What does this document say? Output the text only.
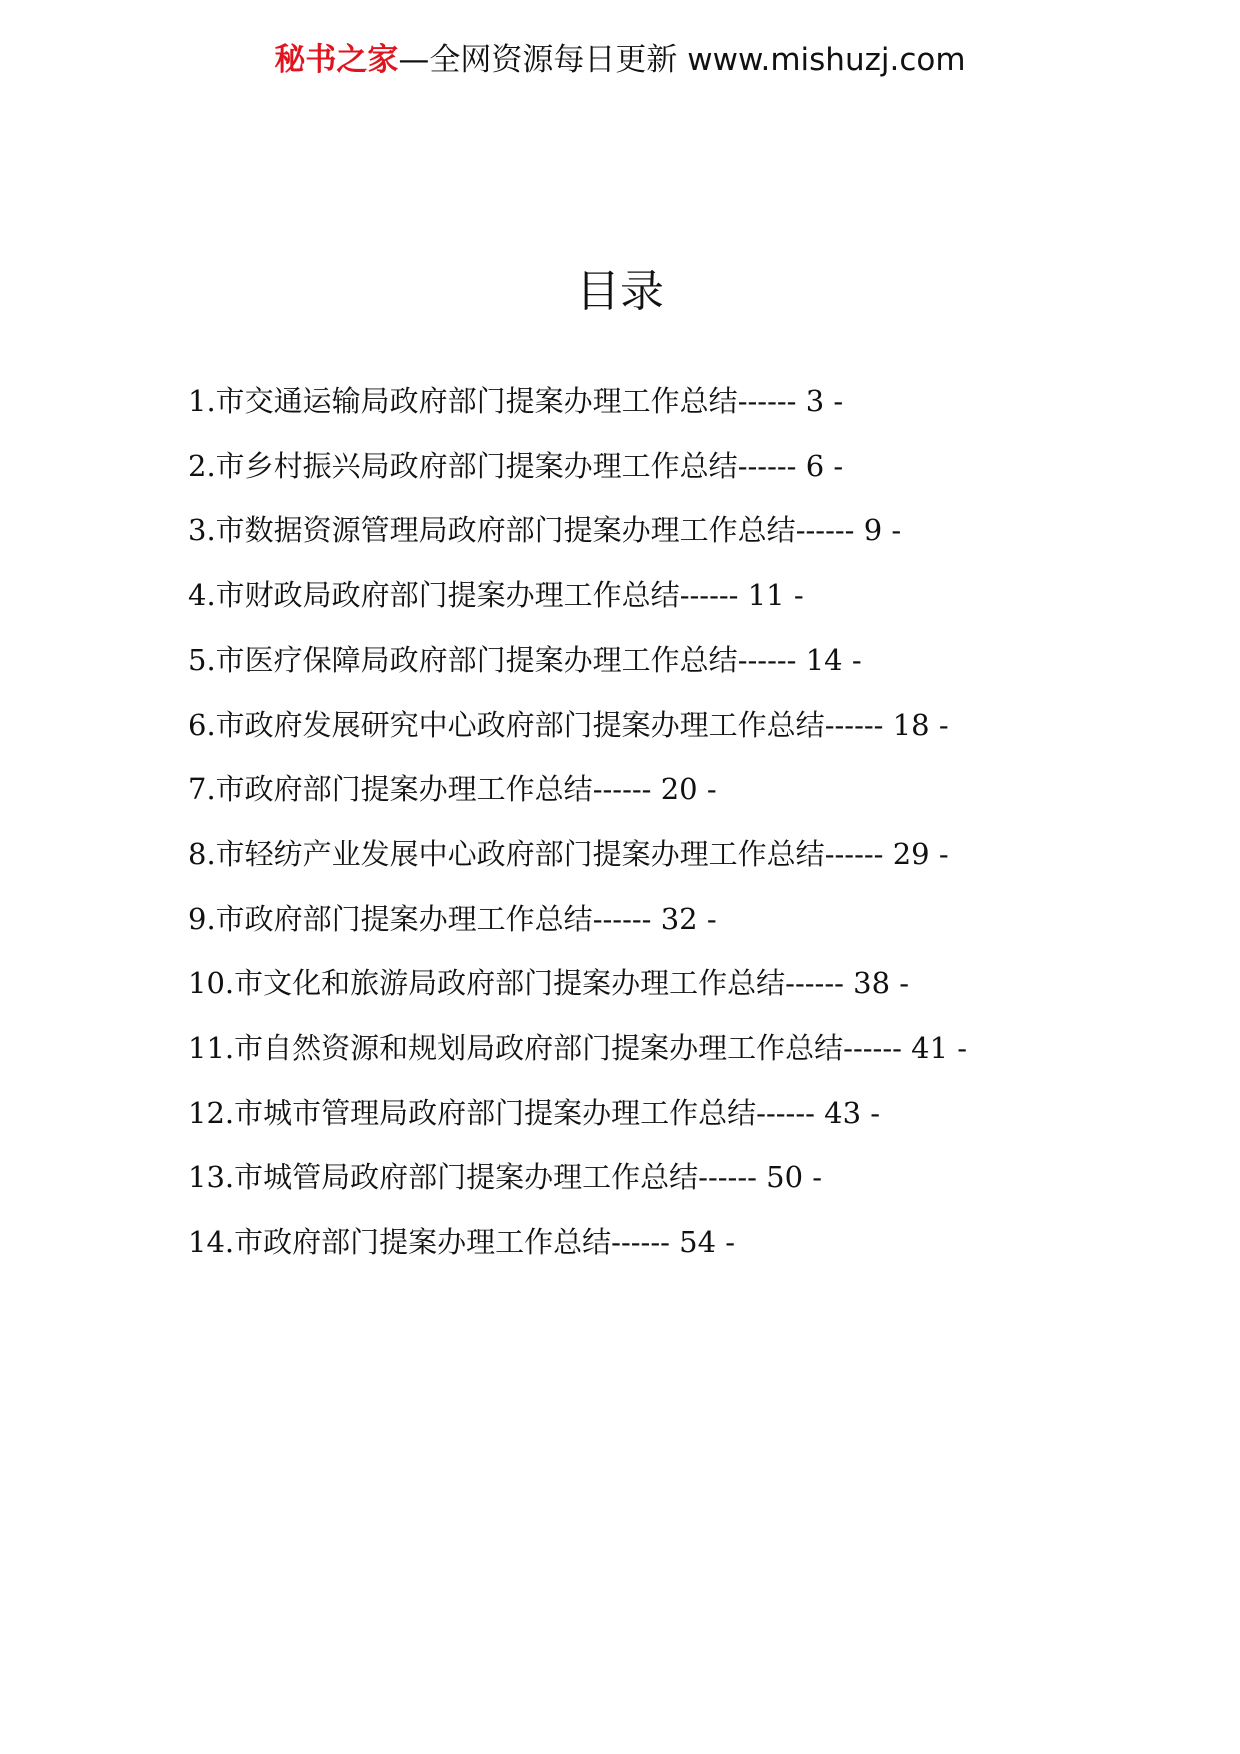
秘书之家—全网资源每日更新 www.mishuzj.com
目录
1.市交通运输局政府部门提案办理工作总结 ------ 3 -
2.市乡村振兴局政府部门提案办理工作总结 ------ 6 -
3.市数据资源管理局政府部门提案办理工作总结 ------ 9 -
4.市财政局政府部门提案办理工作总结 ------ 11 -
5.市医疗保障局政府部门提案办理工作总结 ------ 14 -
6.市政府发展研究中心政府部门提案办理工作总结 ------ 18 -
7.市政府部门提案办理工作总结 ------ 20 -
8.市轻纺产业发展中心政府部门提案办理工作总结 ------ 29 -
9.市政府部门提案办理工作总结 ------ 32 -
10.市文化和旅游局政府部门提案办理工作总结 ------ 38 -
11.市自然资源和规划局政府部门提案办理工作总结 ------ 41 -
12.市城市管理局政府部门提案办理工作总结 ------ 43 -
13.市城管局政府部门提案办理工作总结 ------ 50 -
14.市政府部门提案办理工作总结 ------ 54 -
